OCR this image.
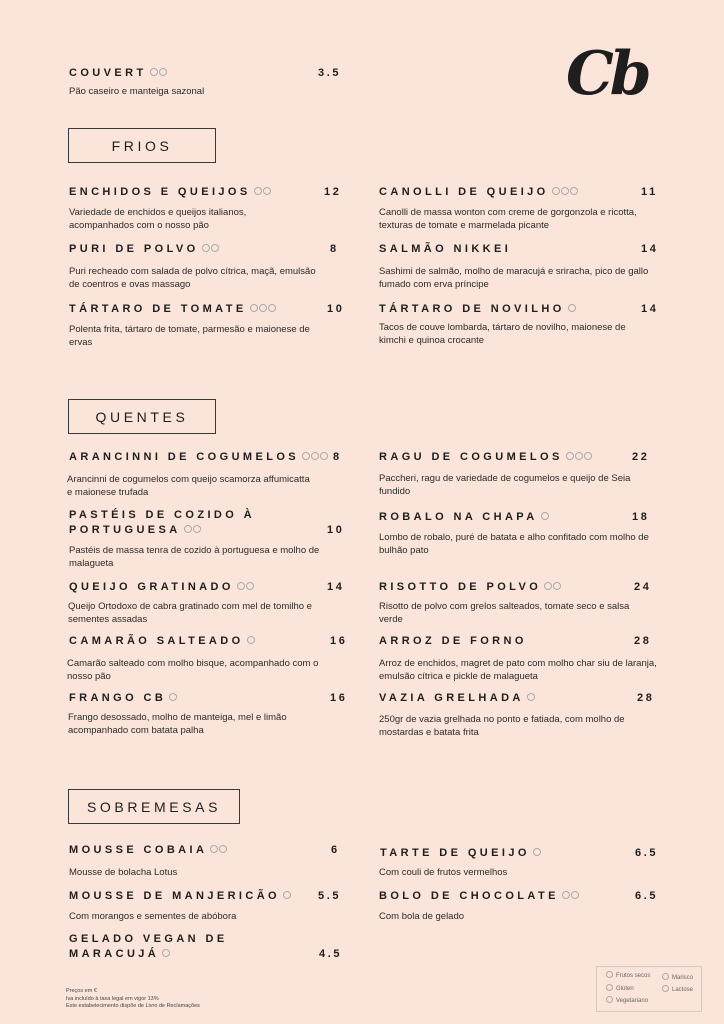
Cb
COUVERT	3.5
Pão caseiro e manteiga sazonal
FRIOS
ENCHIDOS E QUEIJOS	12
Variedade de enchidos e queijos italianos, acompanhados com o nosso pão
PURI DE POLVO	8
Puri recheado com salada de polvo cítrica, maçã, emulsão de coentros e ovas massago
TÁRTARO DE TOMATE	10
Polenta frita, tártaro de tomate, parmesão e maionese de ervas
CANOLLI DE QUEIJO	11
Canolli de massa wonton com creme de gorgonzola e ricotta, texturas de tomate e marmelada picante
SALMÃO NIKKEI	14
Sashimi de salmão, molho de maracujá e sriracha, pico de gallo fumado com erva príncipe
TÁRTARO DE NOVILHO	14
Tacos de couve lombarda, tártaro de novilho, maionese de kimchi e quinoa crocante
QUENTES
ARANCINNI DE COGUMELOS	8
Arancinni de cogumelos com queijo scamorza affumicatta e maionese trufada
PASTÉIS DE COZIDO À
PORTUGUESA	10
Pastéis de massa tenra de cozido à portuguesa e molho de malagueta
QUEIJO GRATINADO	14
Queijo Ortodoxo de cabra gratinado com mel de tomilho e sementes assadas
CAMARÃO SALTEADO	16
Camarão salteado com molho bisque, acompanhado com o nosso pão
FRANGO CB	16
Frango desossado, molho de manteiga, mel e limão acompanhado com batata palha
RAGU DE COGUMELOS	22
Paccheri, ragu de variedade de cogumelos e queijo de Seia fundido
ROBALO NA CHAPA	18
Lombo de robalo, puré de batata e alho confitado com molho de bulhão pato
RISOTTO DE POLVO	24
Risotto de polvo com grelos salteados, tomate seco e salsa verde
ARROZ DE FORNO	28
Arroz de enchidos, magret de pato com molho char siu de laranja, emulsão cítrica e pickle de malagueta
VAZIA GRELHADA	28
250gr de vazia grelhada no ponto e fatiada, com molho de mostardas e batata frita
SOBREMESAS
MOUSSE COBAIA	6
Mousse de bolacha Lotus
MOUSSE DE MANJERICÃO	5.5
Com morangos e sementes de abóbora
GELADO VEGAN DE
MARACUJÁ	4.5
TARTE DE QUEIJO	6.5
Com couli de frutos vermelhos
BOLO DE CHOCOLATE	6.5
Com bola de gelado
Frutos secos	Marisco
Glúten	Lactose
Vegetariano
Preços em €
Iva incluído à taxa legal em vigor 13%
Este estabelecimento dispõe de Livro de Reclamações
